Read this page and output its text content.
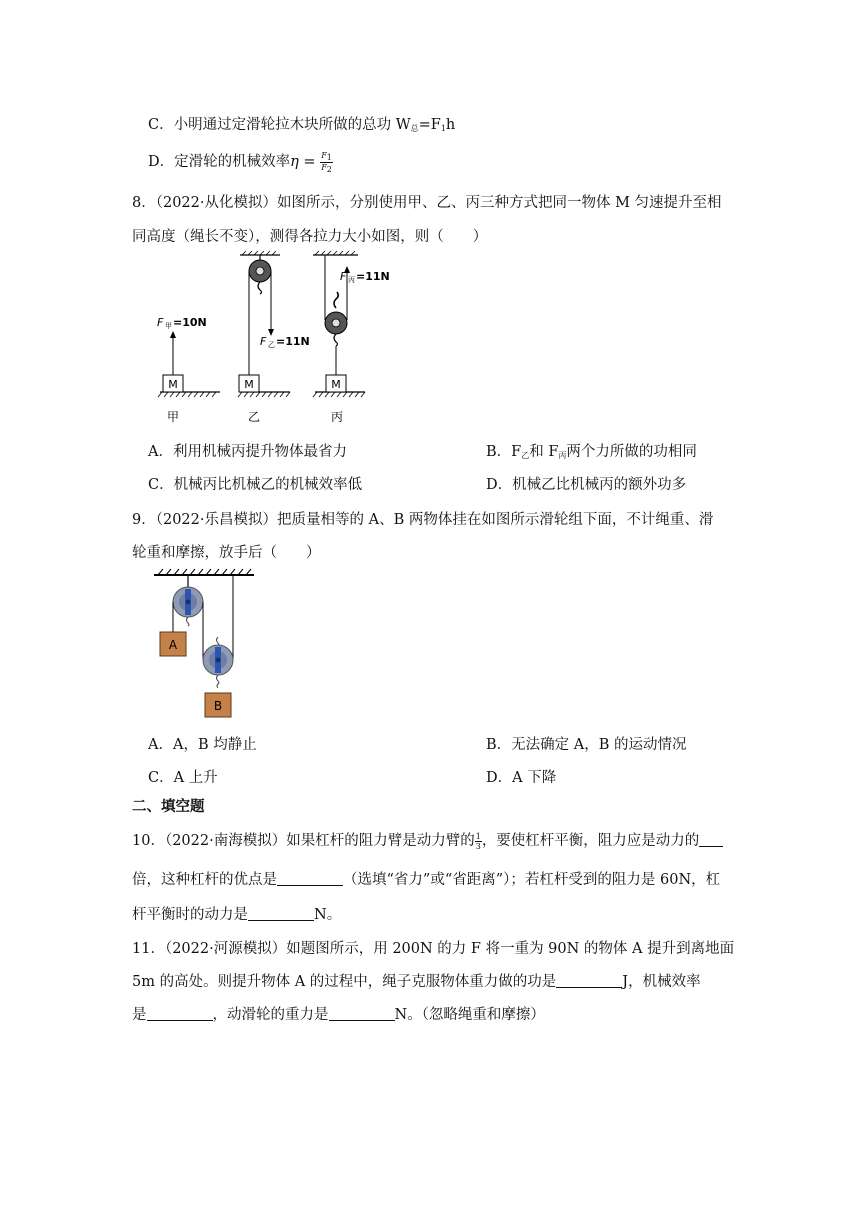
C．小明通过定滑轮拉木块所做的总功 $W_总=F_1h$
D．定滑轮的机械效率$\eta = \frac{F1}{F2}$
8．（2022·从化模拟）如图所示，分别使用甲、乙、丙三种方式把同一物体 M 匀速提升至相
同高度（绳长不变），测得各拉力大小如图，则（　　）
M
F 甲 =10N
甲
M
F 乙 =11N
乙
M
F 丙 =11N
丙
A．利用机械丙提升物体最省力	B．$F_乙$和 $F_丙$两个力所做的功相同
C．机械丙比机械乙的机械效率低	D．机械乙比机械丙的额外功多
9．（2022·乐昌模拟）把质量相等的 A、B 两物体挂在如图所示滑轮组下面，不计绳重、滑
轮重和摩擦，放手后（　　）
A
B
A．A，B 均静止	B．无法确定 A，B 的运动情况
C．A 上升	D．A 下降
二、填空题
10．（2022·南海模拟）如果杠杆的阻力臂是动力臂的 $\frac{1}{3}$ ，要使杠杆平衡，阻力应是动力的
倍，这种杠杆的优点是	（选填“省力”或“省距离”）；若杠杆受到的阻力是 60N，杠
杆平衡时的动力是	N。
11．（2022·河源模拟）如题图所示，用 200N 的力 F 将一重为 90N 的物体 A 提升到离地面
5m 的高处。则提升物体 A 的过程中，绳子克服物体重力做的功是	J，机械效率
是	，动滑轮的重力是	N。（忽略绳重和摩擦）
